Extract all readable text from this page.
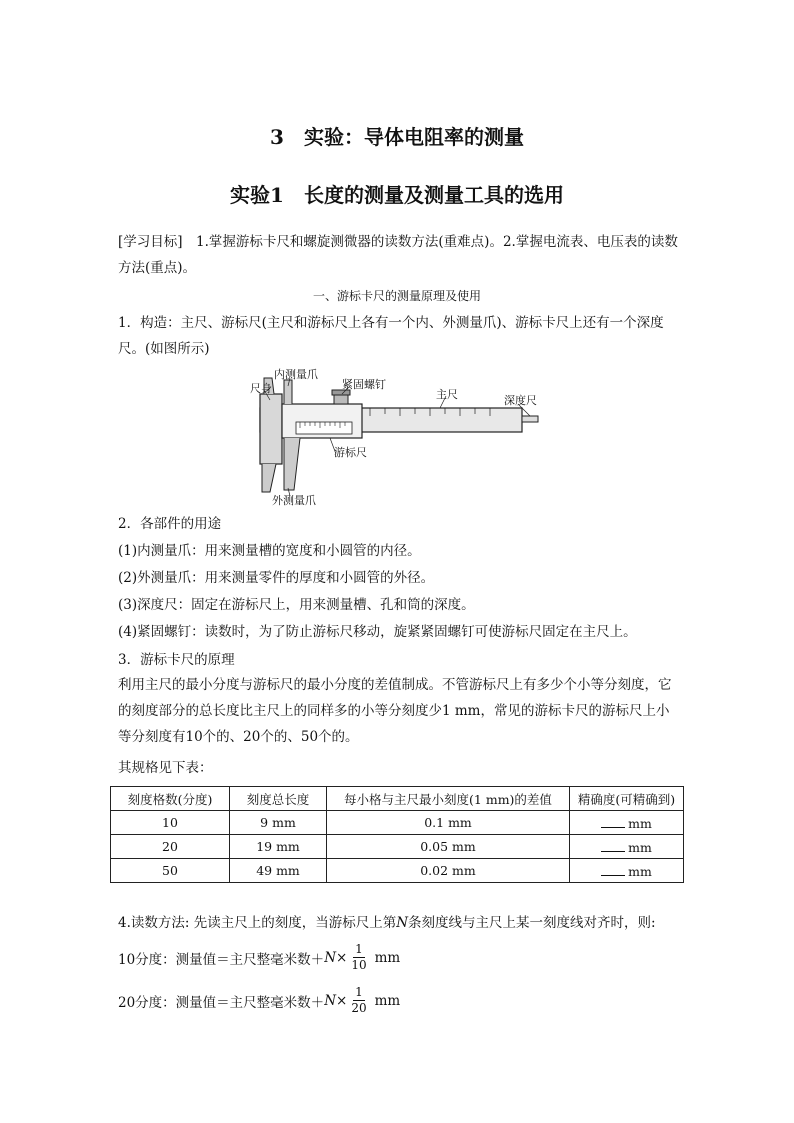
3　实验：导体电阻率的测量
实验1　长度的测量及测量工具的选用
[学习目标]　1.掌握游标卡尺和螺旋测微器的读数方法(重难点)。2.掌握电流表、电压表的读数方法(重点)。
一、游标卡尺的测量原理及使用
1．构造：主尺、游标尺(主尺和游标尺上各有一个内、外测量爪)、游标卡尺上还有一个深度尺。(如图所示)
内测量爪
尺身	紧固螺钉
主尺	深度尺
游标尺
外测量爪
2．各部件的用途
(1)内测量爪：用来测量槽的宽度和小圆管的内径。
(2)外测量爪：用来测量零件的厚度和小圆管的外径。
(3)深度尺：固定在游标尺上，用来测量槽、孔和筒的深度。
(4)紧固螺钉：读数时，为了防止游标尺移动，旋紧紧固螺钉可使游标尺固定在主尺上。
3．游标卡尺的原理
利用主尺的最小分度与游标尺的最小分度的差值制成。不管游标尺上有多少个小等分刻度，它的刻度部分的总长度比主尺上的同样多的小等分刻度少1 mm，常见的游标卡尺的游标尺上小等分刻度有10个的、20个的、50个的。
其规格见下表：
刻度格数(分度)	刻度总长度	每小格与主尺最小刻度(1 mm)的差值	精确度(可精确到)
10	9 mm	0.1 mm	mm
20	19 mm	0.05 mm	mm
50	49 mm	0.02 mm	mm
4.读数方法: 先读主尺上的刻度，当游标尺上第N条刻度线与主尺上某一刻度线对齐时，则:
10分度：测量值＝主尺整毫米数＋ $N \times \frac{1}{10}$ mm
20分度：测量值＝主尺整毫米数＋ $N \times \frac{1}{20}$ mm
